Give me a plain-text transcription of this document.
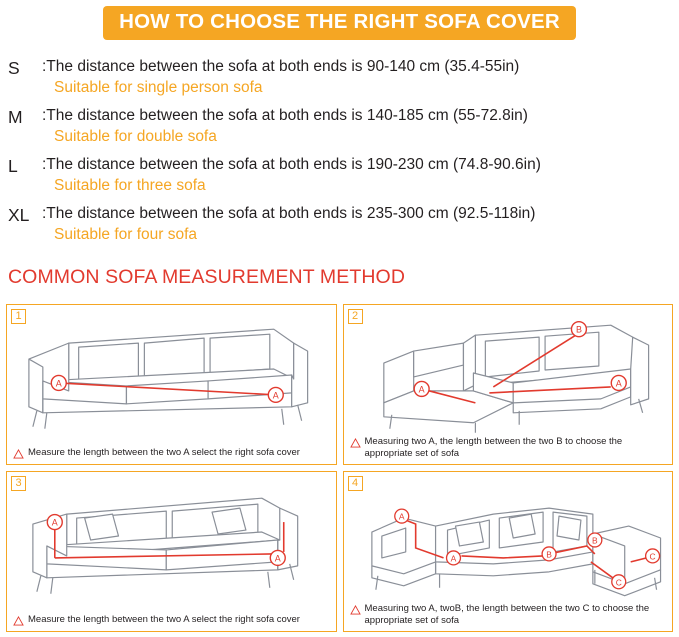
HOW TO CHOOSE THE RIGHT SOFA COVER
S	:The distance between the sofa at both ends is 90-140 cm (35.4-55in)
Suitable for single person sofa
M	:The distance between the sofa at both ends is 140-185 cm (55-72.8in)
Suitable for double sofa
L	:The distance between the sofa at both ends is 190-230 cm (74.8-90.6in)
Suitable for three sofa
XL :The distance between the sofa at both ends is 235-300 cm (92.5-118in)
Suitable for four sofa
COMMON SOFA MEASUREMENT METHOD
1
A
A
Measure the length between the two A select the right sofa cover
2
A
B
A
Measuring two A, the length between the two B to choose the appropriate set of sofa
3
A
A
Measure the length between the two A select the right sofa cover
4
A
A	B
B
C
C
Measuring two A, twoB, the length between the two C to choose the appropriate set of sofa
